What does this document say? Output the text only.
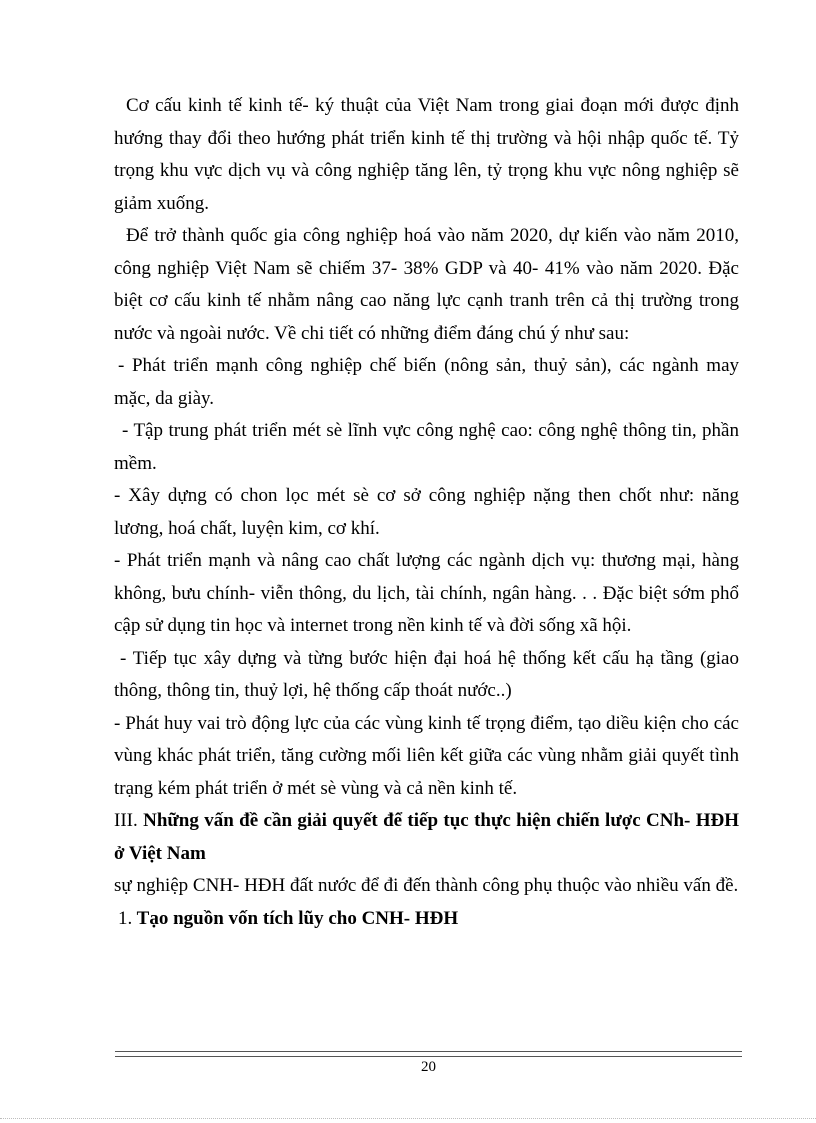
Cơ cấu kinh tế kinh tế- ký thuật của Việt Nam trong giai đoạn mới được định hướng thay đổi theo hướng phát triển kinh tế thị trường và hội nhập quốc tế. Tỷ trọng khu vực dịch vụ và công nghiệp tăng lên, tỷ trọng khu vực nông nghiệp sẽ giảm xuống.

Để trở thành quốc gia công nghiệp hoá vào năm 2020, dự kiến vào năm 2010, công nghiệp Việt Nam sẽ chiếm 37- 38% GDP và 40- 41% vào năm 2020. Đặc biệt cơ cấu kinh tế nhằm nâng cao năng lực cạnh tranh trên cả thị trường trong nước và ngoài nước. Về chi tiết có những điểm đáng chú ý như sau:

- Phát triển mạnh công nghiệp chế biến (nông sản, thuỷ sản), các ngành may mặc, da giày.

- Tập trung phát triển mét sè lĩnh vực công nghệ cao: công nghệ thông tin, phần mềm.

- Xây dựng có chon lọc mét sè cơ sở công nghiệp nặng then chốt như: năng lương, hoá chất, luyện kim, cơ khí.

- Phát triển mạnh và nâng cao chất lượng các ngành dịch vụ: thương mại, hàng không, bưu chính- viễn thông, du lịch, tài chính, ngân hàng. . . Đặc biệt sớm phổ cập sử dụng tin học và internet trong nền kinh tế và đời sống xã hội.

- Tiếp tục xây dựng và từng bước hiện đại hoá hệ thống kết cấu hạ tầng (giao thông, thông tin, thuỷ lợi, hệ thống cấp thoát nước..)

- Phát huy vai trò động lực của các vùng kinh tế trọng điểm, tạo diều kiện cho các vùng khác phát triển, tăng cường mối liên kết giữa các vùng nhằm giải quyết tình trạng kém phát triển ở mét sè vùng và cả nền kinh tế.

III. Những vấn đề cần giải quyết để tiếp tục thực hiện chiến lược CNh- HĐH ở Việt Nam

sự nghiệp CNH- HĐH đất nước để đi đến thành công phụ thuộc vào nhiều vấn đề.

1. Tạo nguồn vốn tích lũy cho CNH- HĐH

20
